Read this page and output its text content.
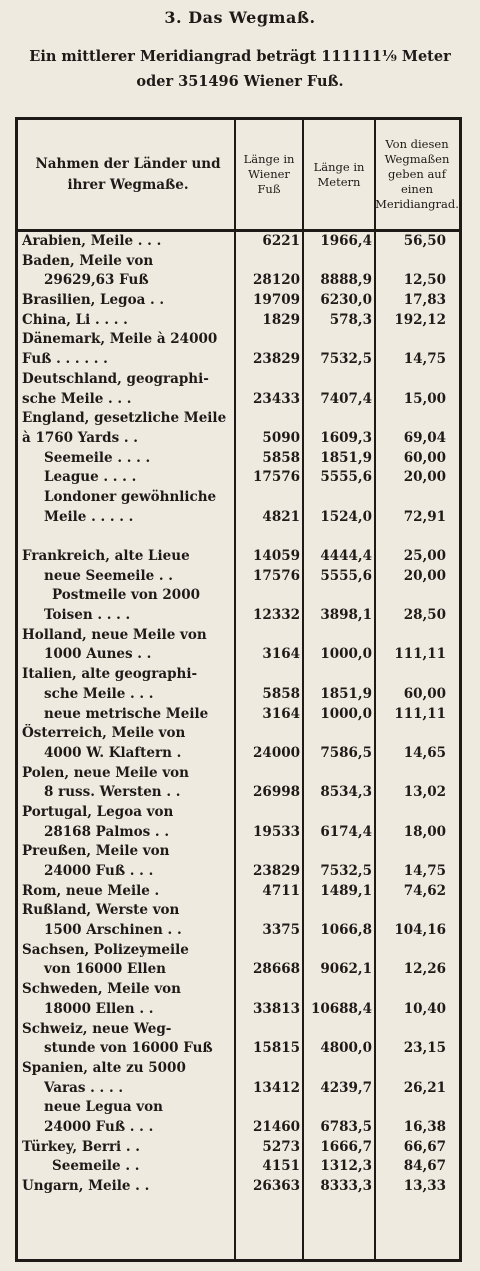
3. Das Wegmaß.
Ein mittlerer Meridiangrad beträgt 111111⅑ Meter
oder 351496 Wiener Fuß.
Nahmen der Länder und ihrer Wegmaße.
Länge in Wiener Fuß
Länge in Metern
Von diesen Wegmaßen geben auf einen Meridiangrad.
Arabien, Meile . . .	6221	1966,4	56,50
Baden, Meile von
29629,63 Fuß	28120	8888,9	12,50
Brasilien, Legoa . .	19709	6230,0	17,83
China, Li . . . .	1829	578,3	192,12
Dänemark, Meile à 24000
Fuß . . . . . .	23829	7532,5	14,75
Deutschland, geographi-
sche Meile . . .	23433	7407,4	15,00
England, gesetzliche Meile
à 1760 Yards . .	5090	1609,3	69,04
Seemeile . . . .	5858	1851,9	60,00
League . . . .	17576	5555,6	20,00
Londoner gewöhnliche
Meile . . . . .	4821	1524,0	72,91
Frankreich, alte Lieue	14059	4444,4	25,00
neue Seemeile . .	17576	5555,6	20,00
Postmeile von 2000
Toisen . . . .	12332	3898,1	28,50
Holland, neue Meile von
1000 Aunes . .	3164	1000,0	111,11
Italien, alte geographi-
sche Meile . . .	5858	1851,9	60,00
neue metrische Meile	3164	1000,0	111,11
Österreich, Meile von
4000 W. Klaftern .	24000	7586,5	14,65
Polen, neue Meile von
8 russ. Wersten . .	26998	8534,3	13,02
Portugal, Legoa von
28168 Palmos . .	19533	6174,4	18,00
Preußen, Meile von
24000 Fuß . . .	23829	7532,5	14,75
Rom, neue Meile .	4711	1489,1	74,62
Rußland, Werste von
1500 Arschinen . .	3375	1066,8	104,16
Sachsen, Polizeymeile
von 16000 Ellen	28668	9062,1	12,26
Schweden, Meile von
18000 Ellen . .	33813 10688,4	10,40
Schweiz, neue Weg-
stunde von 16000 Fuß	15815	4800,0	23,15
Spanien, alte zu 5000
Varas . . . .	13412	4239,7	26,21
neue Legua von
24000 Fuß . . .	21460	6783,5	16,38
Türkey, Berri . .	5273	1666,7	66,67
Seemeile . .	4151	1312,3	84,67
Ungarn, Meile . .	26363	8333,3	13,33
